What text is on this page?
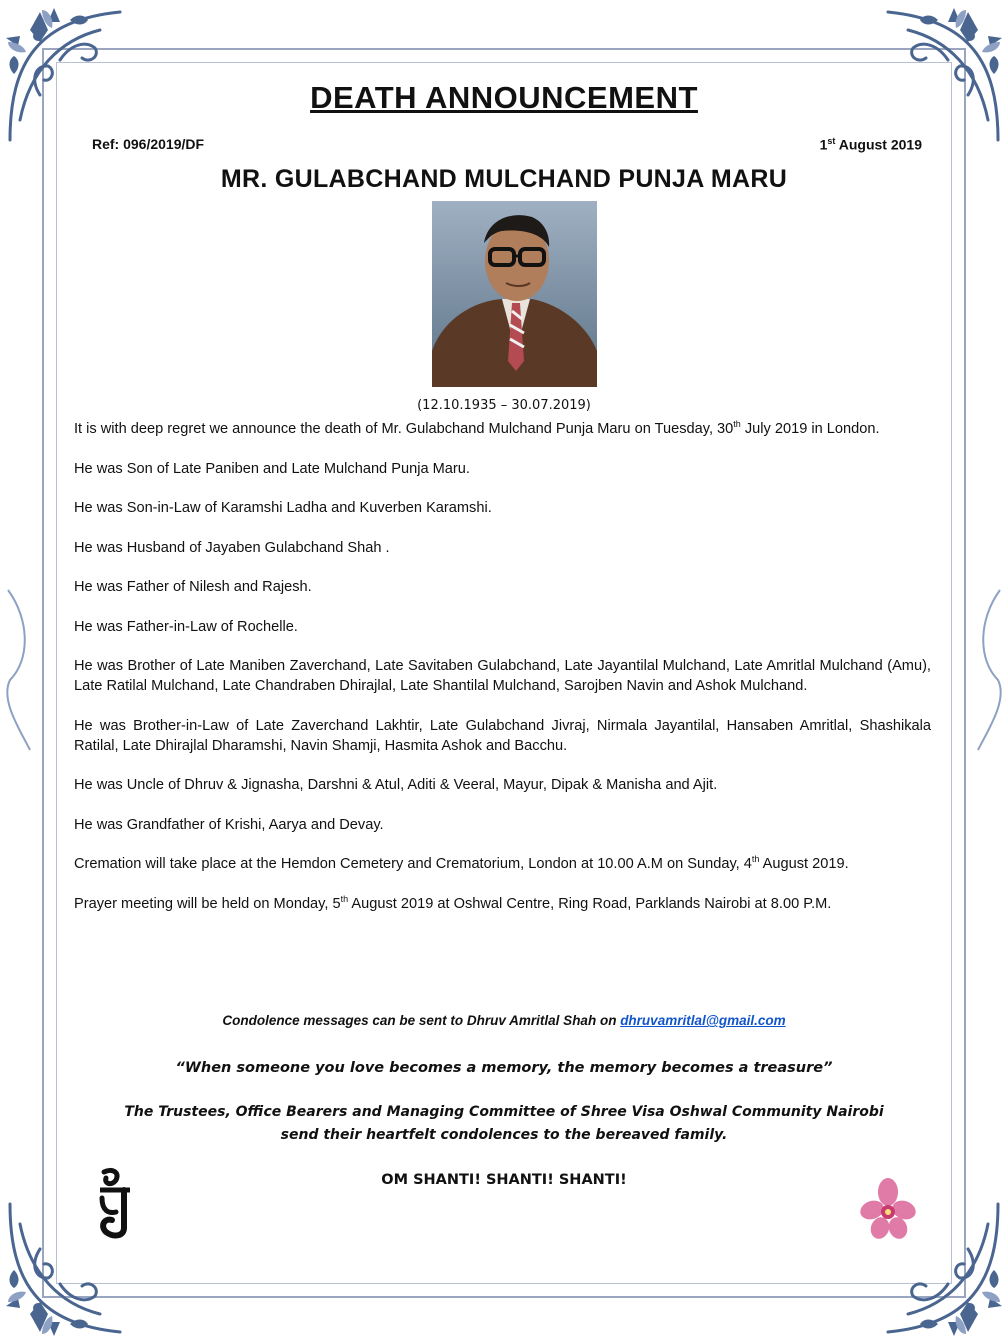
DEATH ANNOUNCEMENT
Ref: 096/2019/DF	1st August 2019
MR. GULABCHAND MULCHAND PUNJA MARU
(12.10.1935 – 30.07.2019)

It is with deep regret we announce the death of Mr. Gulabchand Mulchand Punja Maru on Tuesday, 30th July 2019 in London.

He was Son of Late Paniben and Late Mulchand Punja Maru.

He was Son-in-Law of Karamshi Ladha and Kuverben Karamshi.

He was Husband of Jayaben Gulabchand Shah .

He was Father of Nilesh and Rajesh.

He was Father-in-Law of Rochelle.

He was Brother of Late Maniben Zaverchand, Late Savitaben Gulabchand, Late Jayantilal Mulchand, Late Amritlal Mulchand (Amu), Late Ratilal Mulchand, Late Chandraben Dhirajlal, Late Shantilal Mulchand, Sarojben Navin and Ashok Mulchand.

He was Brother-in-Law of Late Zaverchand Lakhtir, Late Gulabchand Jivraj, Nirmala Jayantilal, Hansaben Amritlal, Shashikala Ratilal, Late Dhirajlal Dharamshi, Navin Shamji, Hasmita Ashok and Bacchu.

He was Uncle of Dhruv & Jignasha, Darshni & Atul, Aditi & Veeral, Mayur, Dipak & Manisha and Ajit.

He was Grandfather of Krishi, Aarya and Devay.

Cremation will take place at the Hemdon Cemetery and Crematorium, London at 10.00 A.M on Sunday, 4th August 2019.

Prayer meeting will be held on Monday, 5th August 2019 at Oshwal Centre, Ring Road, Parklands Nairobi at 8.00 P.M.

Condolence messages can be sent to Dhruv Amritlal Shah on dhruvamritlal@gmail.com
“When someone you love becomes a memory, the memory becomes a treasure”
The Trustees, Office Bearers and Managing Committee of Shree Visa Oshwal Community Nairobi
send their heartfelt condolences to the bereaved family.
OM SHANTI! SHANTI! SHANTI!
